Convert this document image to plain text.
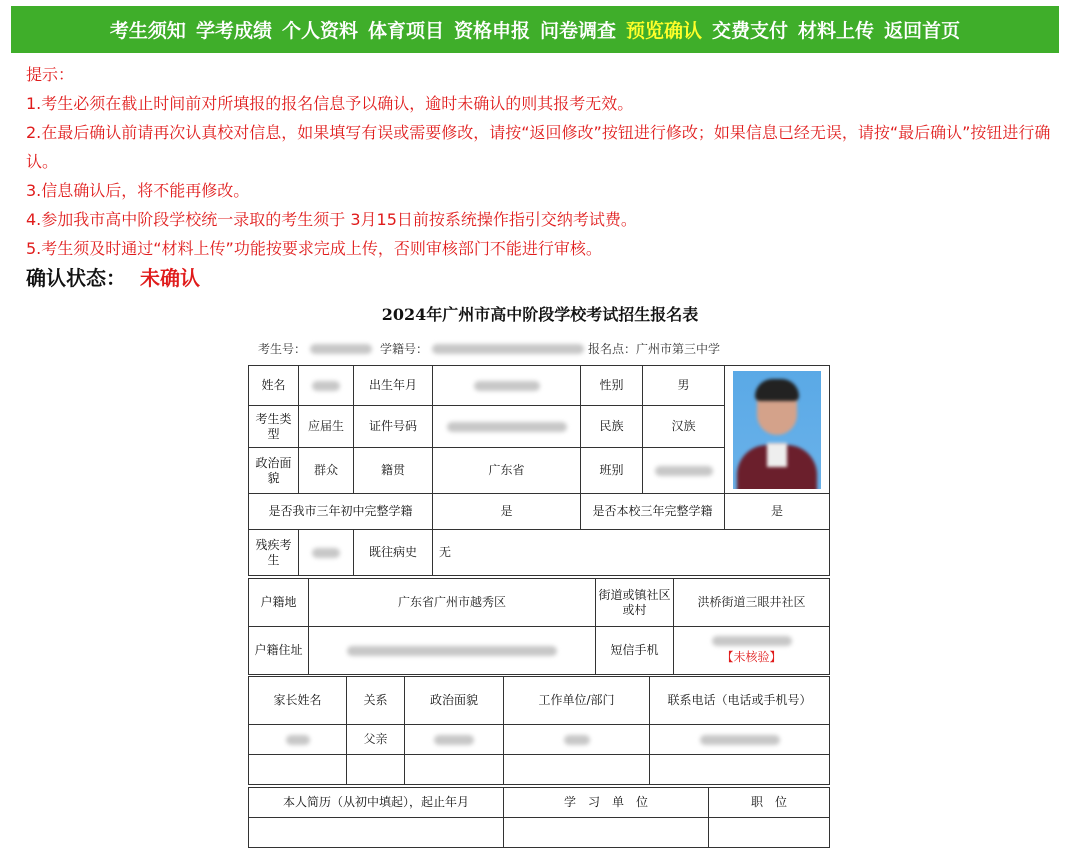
考生须知 学考成绩 个人资料 体育项目 资格申报 问卷调查 预览确认 交费支付 材料上传 返回首页

提示：

1.考生必须在截止时间前对所填报的报名信息予以确认，逾时未确认的则其报考无效。

2.在最后确认前请再次认真校对信息，如果填写有误或需要修改，请按“返回修改”按钮进行修改；如果信息已经无误，请按“最后确认”按钮进行确认。

3.信息确认后，将不能再修改。

4.参加我市高中阶段学校统一录取的考生须于 3月15日前按系统操作指引交纳考试费。

5.考生须及时通过“材料上传”功能按要求完成上传，否则审核部门不能进行审核。

确认状态： 未确认
2024年广州市高中阶段学校考试招生报名表
考生号：	学籍号：	报名点：广州市第三中学
姓名		出生年月		性别	男	

考生类型	应届生	证件号码		民族	汉族	
政治面貌	群众	籍贯	广东省	班别		
是否我市三年初中完整学籍			是	是否本校三年完整学籍		是
残疾考生		既往病史	无			
户籍地	广东省广州市越秀区	街道或镇社区或村	洪桥街道三眼井社区
户籍住址		短信手机	【未核验】
家长姓名	关系	政治面貌	工作单位/部门	联系电话（电话或手机号）
	父亲			

本人简历（从初中填起），起止年月	学　习　单　位	职　位
